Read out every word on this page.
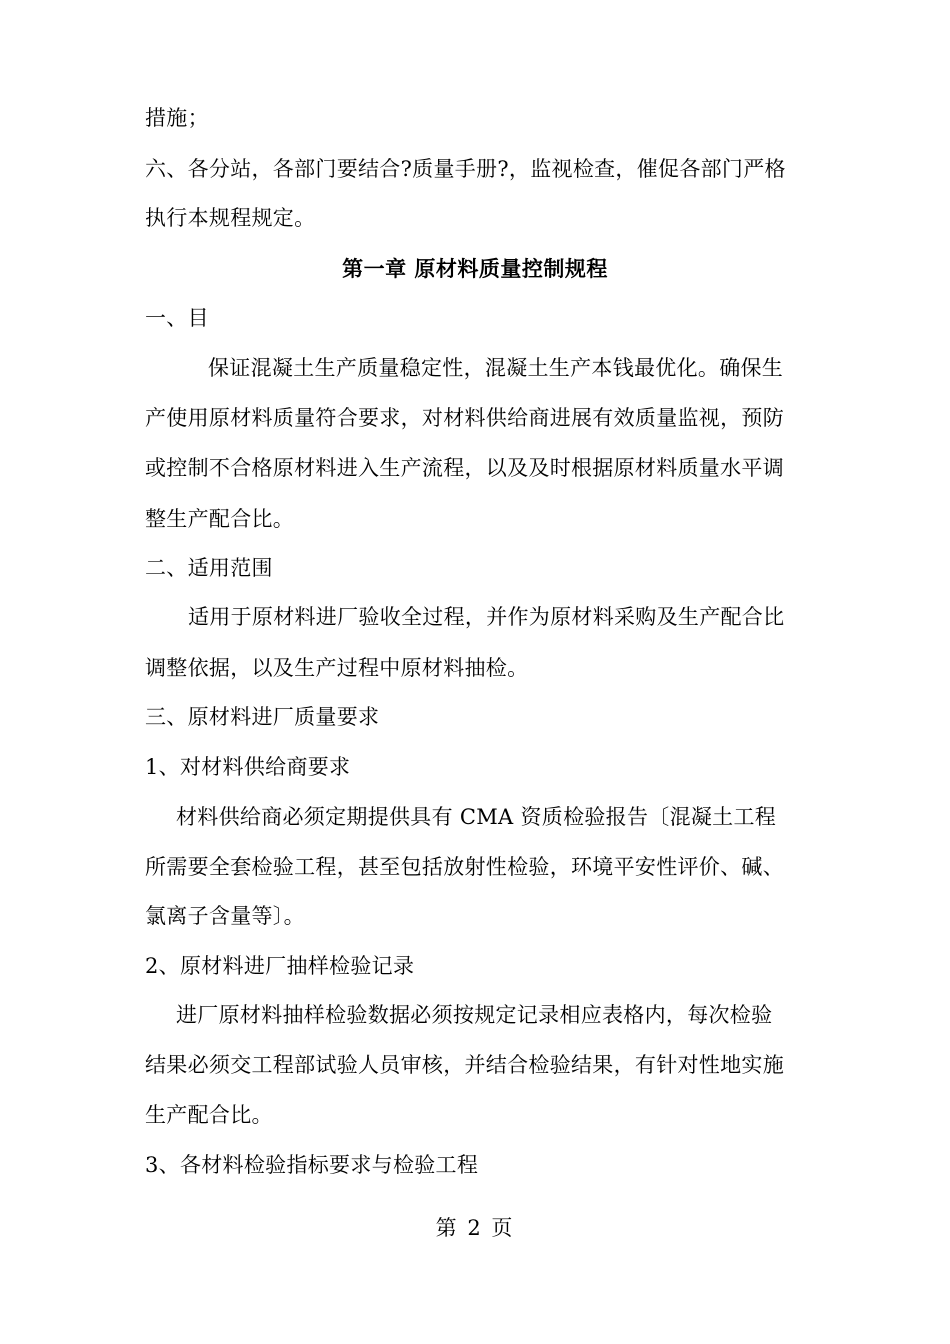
措施；
六、各分站，各部门要结合?质量手册?，监视检查，催促各部门严格
执行本规程规定。
第一章 原材料质量控制规程
一、目
保证混凝土生产质量稳定性，混凝土生产本钱最优化。确保生
产使用原材料质量符合要求，对材料供给商进展有效质量监视，预防
或控制不合格原材料进入生产流程，以及及时根据原材料质量水平调
整生产配合比。
二、适用范围
适用于原材料进厂验收全过程，并作为原材料采购及生产配合比
调整依据，以及生产过程中原材料抽检。
三、原材料进厂质量要求
1、对材料供给商要求
材料供给商必须定期提供具有 CMA 资质检验报告〔混凝土工程
所需要全套检验工程，甚至包括放射性检验，环境平安性评价、碱、
氯离子含量等〕。
2、原材料进厂抽样检验记录
进厂原材料抽样检验数据必须按规定记录相应表格内，每次检验
结果必须交工程部试验人员审核，并结合检验结果，有针对性地实施
生产配合比。
3、各材料检验指标要求与检验工程
第 2 页
